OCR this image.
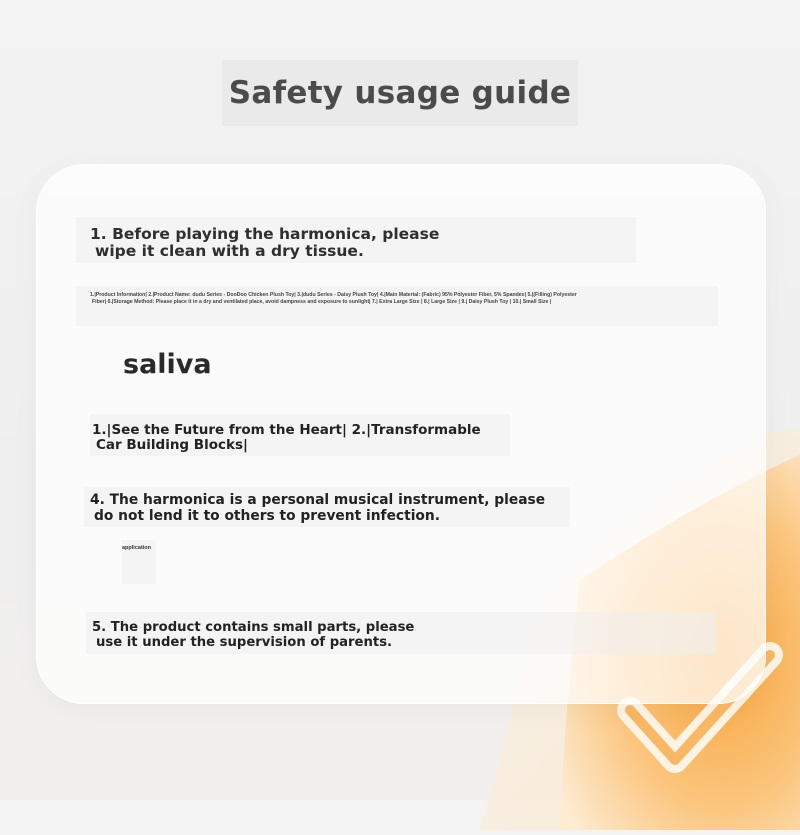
Safety usage guide
1. Before playing the harmonica, please
wipe it clean with a dry tissue.
1.|Product Information| 2.|Product Name: dudu Series - DooDoo Chicken Plush Toy| 3.|dudu Series - Daisy Plush Toy| 4.|Main Material: (Fabric) 95% Polyester Fiber, 5% Spandex| 5.|(Filling) Polyester
Fiber| 6.|Storage Method: Please place it in a dry and ventilated place, avoid dampness and exposure to sunlight| 7.| Extra Large Size | 8.| Large Size | 9.| Daisy Plush Toy | 10.| Small Size |
saliva
1.|See the Future from the Heart| 2.|Transformable
Car Building Blocks|
4. The harmonica is a personal musical instrument, please
do not lend it to others to prevent infection.
application
5. The product contains small parts, please
use it under the supervision of parents.
